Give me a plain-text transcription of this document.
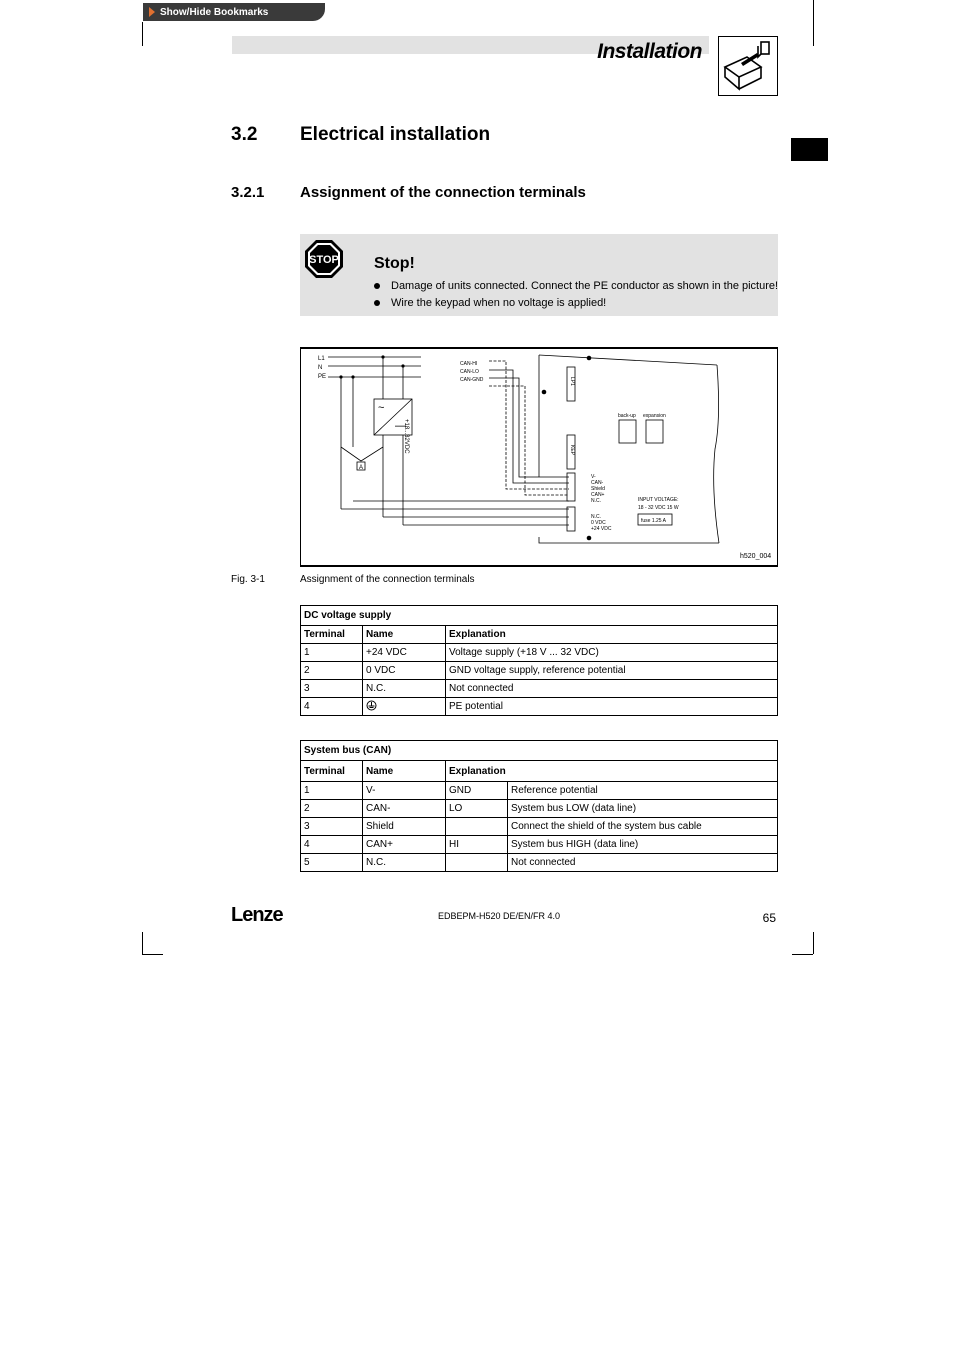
Show/Hide Bookmarks
Installation
3.2 Electrical installation
3.2.1 Assignment of the connection terminals
STOP Stop!
Damage of units connected. Connect the PE conductor as shown in the picture!
Wire the keypad when no voltage is applied!
L1
N
PE
CAN-HI
CAN-LO
CAN-GND
+18...32VDC
A
LP1
KEP
V-
CAN-
Shield
CAN+
N.C.
N.C.
0 VDC
+24 VDC
back-up expansion
INPUT VOLTAGE:
18 - 32 VDC 15 W
fuse 1.25 A
h520_004
~
—
Fig. 3-1	Assignment of the connection terminals
DC voltage supply		
Terminal	Name	Explanation
1	+24 VDC	Voltage supply (+18 V ... 32 VDC)
2	0 VDC	GND voltage supply, reference potential
3	N.C.	Not connected
4		PE potential
System bus (CAN)			
Terminal	Name	Explanation	
1	V-	GND	Reference potential
2	CAN-	LO	System bus LOW (data line)
3	Shield		Connect the shield of the system bus cable
4	CAN+	HI	System bus HIGH (data line)
5	N.C.		Not connected
Lenze	EDBEPM-H520 DE/EN/FR 4.0	65
